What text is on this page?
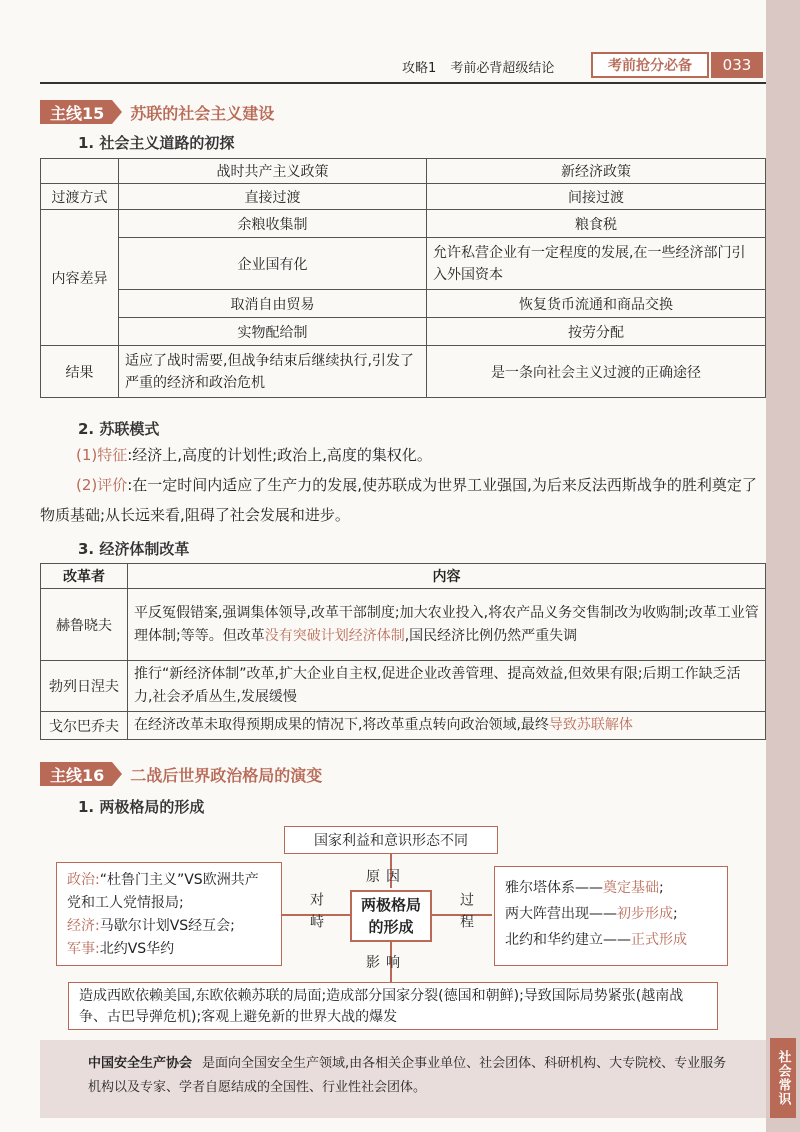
社会常识
攻略1 考前必背超级结论	考前抢分必备	033
主线15	苏联的社会主义建设
1. 社会主义道路的初探
	战时共产主义政策	新经济政策
过渡方式	直接过渡	间接过渡
内容差异	余粮收集制	粮食税
	企业国有化	允许私营企业有一定程度的发展,在一些经济部门引入外国资本
	取消自由贸易	恢复货币流通和商品交换
	实物配给制	按劳分配
结果	适应了战时需要,但战争结束后继续执行,引发了严重的经济和政治危机	是一条向社会主义过渡的正确途径
2. 苏联模式
(1)特征:经济上,高度的计划性;政治上,高度的集权化。
(2)评价:在一定时间内适应了生产力的发展,使苏联成为世界工业强国,为后来反法西斯战争的胜利奠定了物质基础;从长远来看,阻碍了社会发展和进步。
3. 经济体制改革
改革者	内容
赫鲁晓夫	平反冤假错案,强调集体领导,改革干部制度;加大农业投入,将农产品义务交售制改为收购制;改革工业管理体制;等等。但改革没有突破计划经济体制,国民经济比例仍然严重失调
勃列日涅夫	推行“新经济体制”改革,扩大企业自主权,促进企业改善管理、提高效益,但效果有限;后期工作缺乏活力,社会矛盾丛生,发展缓慢
戈尔巴乔夫	在经济改革未取得预期成果的情况下,将改革重点转向政治领域,最终导致苏联解体
主线16	二战后世界政治格局的演变
1. 两极格局的形成
国家利益和意识形态不同
原因
政治:“杜鲁门主义”VS欧洲共产党和工人党情报局;
经济:马歇尔计划VS经互会;
军事:北约VS华约
对峙	两极格局的形成	过程
雅尔塔体系——奠定基础;
两大阵营出现——初步形成;
北约和华约建立——正式形成
影响
造成西欧依赖美国,东欧依赖苏联的局面;造成部分国家分裂(德国和朝鲜);导致国际局势紧张(越南战争、古巴导弹危机);客观上避免新的世界大战的爆发
中国安全生产协会 是面向全国安全生产领域,由各相关企事业单位、社会团体、科研机构、大专院校、专业服务机构以及专家、学者自愿结成的全国性、行业性社会团体。
